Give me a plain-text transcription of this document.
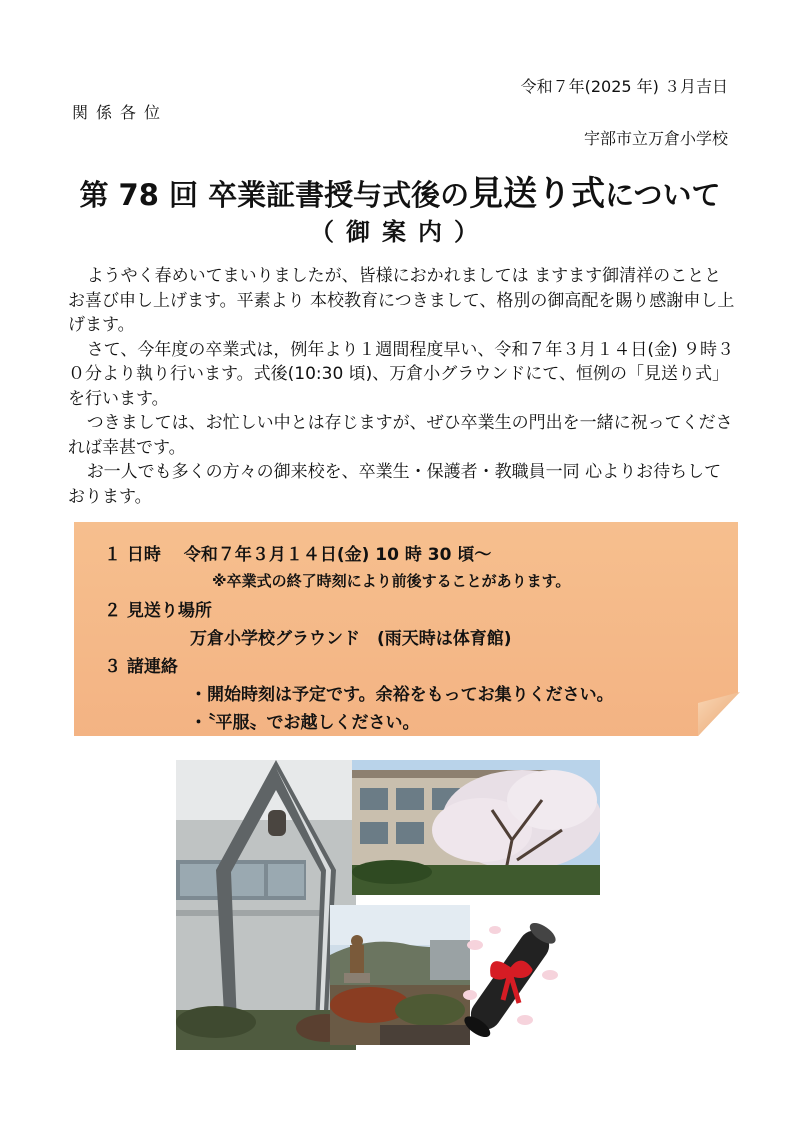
令和７年(2025 年) ３月吉日
関係各位
宇部市立万倉小学校
第 78 回 卒業証書授与式後の見送り式について
（御案内）

ようやく春めいてまいりましたが、皆様におかれましては ますます御清祥のこととお喜び申し上げます。平素より 本校教育につきまして、格別の御高配を賜り感謝申し上げます。

さて、今年度の卒業式は，例年より１週間程度早い、令和７年３月１４日(金) ９時３０分より執り行います。式後(10:30 頃)、万倉小グラウンドにて、恒例の「見送り式」を行います。

つきましては、お忙しい中とは存じますが、ぜひ卒業生の門出を一緒に祝ってくだされば幸甚です。

お一人でも多くの方々の御来校を、卒業生・保護者・教職員一同 心よりお待ちしております。

１ 日時　 令和７年３月１４日(金) 10 時 30 頃～
※卒業式の終了時刻により前後することがあります。
２ 見送り場所
万倉小学校グラウンド　(雨天時は体育館)
３ 諸連絡
・開始時刻は予定です。余裕をもってお集りください。
・〝平服〟でお越しください。
